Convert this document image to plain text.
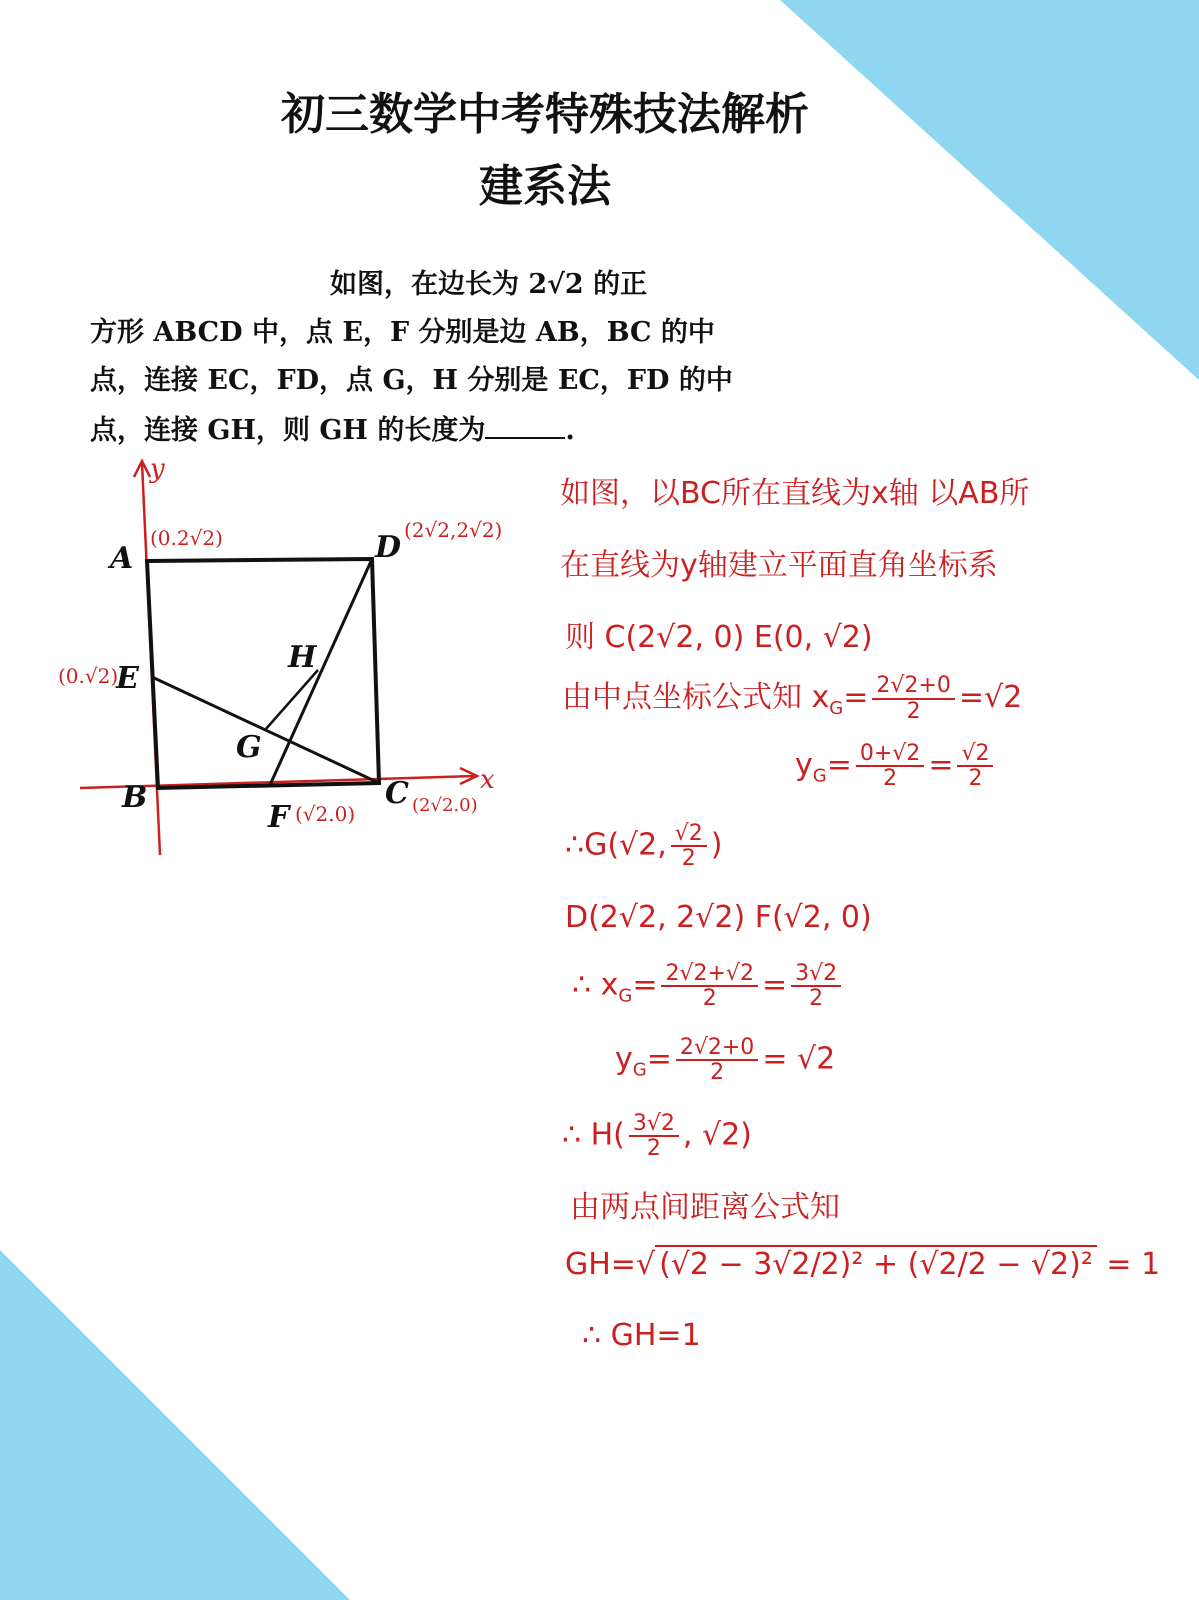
初三数学中考特殊技法解析
建系法
如图，在边长为 2√2 的正
方形 ABCD 中，点 E，F 分别是边 AB，BC 的中
点，连接 EC，FD，点 G，H 分别是 EC，FD 的中
点，连接 GH，则 GH 的长度为	.
y
x
A
B	C
D
E
F
G
H
(0.2√2)	(2√2,2√2)
(0.√2)
(√2.0)	(2√2.0)
如图，以BC所在直线为x轴 以AB所
在直线为y轴建立平面直角坐标系
则 C(2√2, 0) E(0, √2)
由中点坐标公式知 $x_G= \frac{2√2+0}{2} =√2$
$y_G= \frac{0+√2}{2} = \frac{√2}{2}$
∴G(√2, $\frac{√2}{2}$ )
D(2√2, 2√2) F(√2, 0)
∴ $x_G= \frac{2√2+√2}{2} = \frac{3√2}{2}$
$y_G= \frac{2√2+0}{2} = √2$
∴ $H( \frac{3√2}{2}$ , √2)
由两点间距离公式知
GH=√ (√2 − 3√2/2)² + (√2/2 − √2)² = 1
∴ GH=1
